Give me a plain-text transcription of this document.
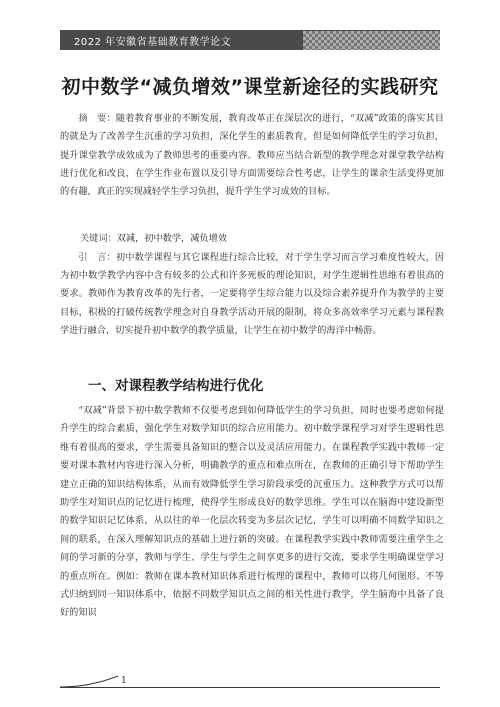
2022 年安徽省基础教育教学论文
初中数学“减负增效”课堂新途径的实践研究
摘　要：随着教育事业的不断发展，教育改革正在深层次的进行，“双减”政策的落实其目的就是为了改善学生沉重的学习负担，深化学生的素质教育，但是如何降低学生的学习负担，提升课堂教学成效成为了教师思考的重要内容。教师应当结合新型的教学理念对课堂教学结构进行优化和改良，在学生作业布置以及引导方面需要综合性考虑，让学生的课余生活变得更加的有趣，真正的实现减轻学生学习负担，提升学生学习成效的目标。
关键词：双减，初中数学，减负增效
引　言：初中数学课程与其它课程进行综合比较，对于学生学习而言学习难度性较大，因为初中数学教学内容中含有较多的公式和许多死板的理论知识，对学生逻辑性思维有着很高的要求。教师作为教育改革的先行者，一定要将学生综合能力以及综合素养提升作为教学的主要目标，积极的打破传统教学理念对自身教学活动开展的限制，将众多高效率学习元素与课程教学进行融合，切实提升初中数学的教学质量，让学生在初中数学的海洋中畅游。
一、对课程教学结构进行优化
“双减”背景下初中数学教师不仅要考虑到如何降低学生的学习负担，同时也要考虑如何提升学生的综合素质，强化学生对数学知识的综合应用能力。初中数学课程学习对学生逻辑性思维有着很高的要求，学生需要具备知识的整合以及灵活应用能力。在课程教学实践中教师一定要对课本教材内容进行深入分析，明确教学的重点和难点所在，在教师的正确引导下帮助学生建立正确的知识结构体系，从而有效降低学生学习阶段承受的沉重压力。这种教学方式可以帮助学生对知识点的记忆进行梳理，使得学生形成良好的数学思维。学生可以在脑海中建设新型的数学知识记忆体系，从以往的单一化层次转变为多层次记忆，学生可以明确不同数学知识之间的联系，在深入理解知识点的基础上进行新的突破。在课程教学实践中教师需要注重学生之间的学习新的分享，教师与学生、学生与学生之间享更多的进行交流，要求学生明确课堂学习的重点所在。例如：教师在课本教材知识体系进行梳理的课程中，教师可以将几何图形、不等式归纳到同一知识体系中，依据不同数学知识点之间的相关性进行教学，学生脑海中具备了良好的知识
1
